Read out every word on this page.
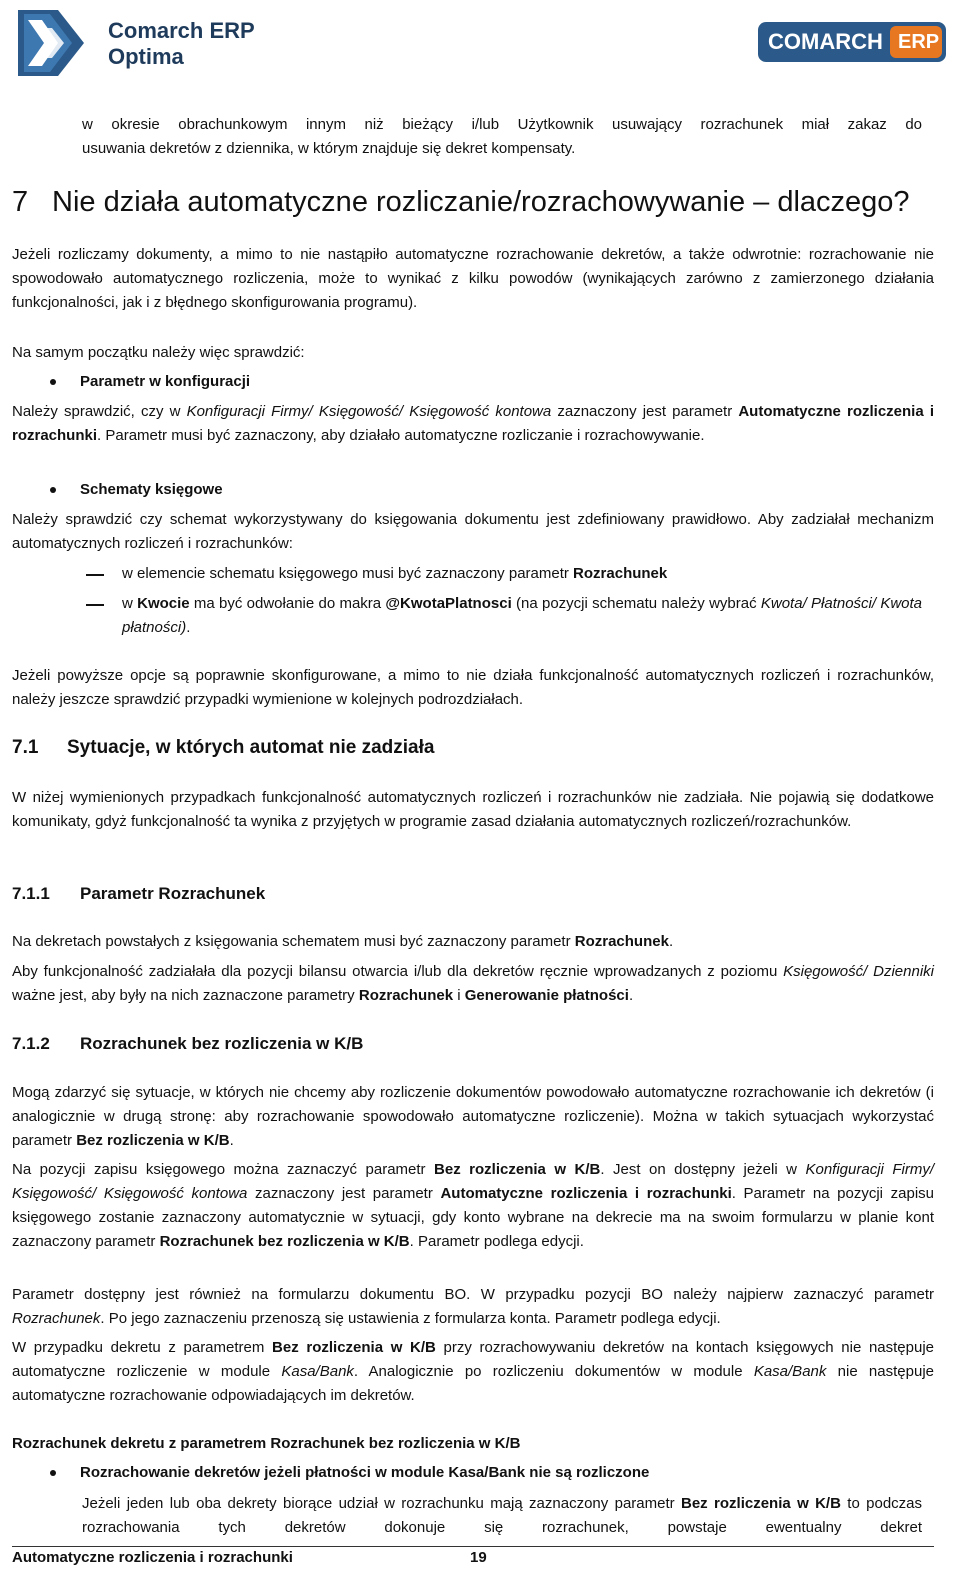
Comarch ERP
Optima
COMARCH ERP
w okresie obrachunkowym innym niż bieżący i/lub Użytkownik usuwający rozrachunek miał zakaz do
usuwania dekretów z dziennika, w którym znajduje się dekret kompensaty.
7 Nie działa automatyczne rozliczanie/rozrachowywanie – dlaczego?

Jeżeli rozliczamy dokumenty, a mimo to nie nastąpiło automatyczne rozrachowanie dekretów, a także odwrotnie: rozrachowanie nie spowodowało automatycznego rozliczenia, może to wynikać z kilku powodów (wynikających zarówno z zamierzonego działania funkcjonalności, jak i z błędnego skonfigurowania programu).

Na samym początku należy więc sprawdzić:

Parametr w konfiguracji

Należy sprawdzić, czy w Konfiguracji Firmy/ Księgowość/ Księgowość kontowa zaznaczony jest parametr Automatyczne rozliczenia i rozrachunki. Parametr musi być zaznaczony, aby działało automatyczne rozliczanie i rozrachowywanie.

Schematy księgowe

Należy sprawdzić czy schemat wykorzystywany do księgowania dokumentu jest zdefiniowany prawidłowo. Aby zadziałał mechanizm automatycznych rozliczeń i rozrachunków:

w elemencie schematu księgowego musi być zaznaczony parametr Rozrachunek
w Kwocie ma być odwołanie do makra @KwotaPlatnosci (na pozycji schematu należy wybrać Kwota/ Płatności/ Kwota płatności).

Jeżeli powyższe opcje są poprawnie skonfigurowane, a mimo to nie działa funkcjonalność automatycznych rozliczeń i rozrachunków, należy jeszcze sprawdzić przypadki wymienione w kolejnych podrozdziałach.

7.1 Sytuacje, w których automat nie zadziała

W niżej wymienionych przypadkach funkcjonalność automatycznych rozliczeń i rozrachunków nie zadziała. Nie pojawią się dodatkowe komunikaty, gdyż funkcjonalność ta wynika z przyjętych w programie zasad działania automatycznych rozliczeń/rozrachunków.

7.1.1 Parametr Rozrachunek

Na dekretach powstałych z księgowania schematem musi być zaznaczony parametr Rozrachunek.

Aby funkcjonalność zadziałała dla pozycji bilansu otwarcia i/lub dla dekretów ręcznie wprowadzanych z poziomu Księgowość/ Dzienniki ważne jest, aby były na nich zaznaczone parametry Rozrachunek i Generowanie płatności.

7.1.2 Rozrachunek bez rozliczenia w K/B

Mogą zdarzyć się sytuacje, w których nie chcemy aby rozliczenie dokumentów powodowało automatyczne rozrachowanie ich dekretów (i analogicznie w drugą stronę: aby rozrachowanie spowodowało automatyczne rozliczenie). Można w takich sytuacjach wykorzystać parametr Bez rozliczenia w K/B.

Na pozycji zapisu księgowego można zaznaczyć parametr Bez rozliczenia w K/B. Jest on dostępny jeżeli w Konfiguracji Firmy/ Księgowość/ Księgowość kontowa zaznaczony jest parametr Automatyczne rozliczenia i rozrachunki. Parametr na pozycji zapisu księgowego zostanie zaznaczony automatycznie w sytuacji, gdy konto wybrane na dekrecie ma na swoim formularzu w planie kont zaznaczony parametr Rozrachunek bez rozliczenia w K/B. Parametr podlega edycji.

Parametr dostępny jest również na formularzu dokumentu BO. W przypadku pozycji BO należy najpierw zaznaczyć parametr Rozrachunek. Po jego zaznaczeniu przenoszą się ustawienia z formularza konta. Parametr podlega edycji.

W przypadku dekretu z parametrem Bez rozliczenia w K/B przy rozrachowywaniu dekretów na kontach księgowych nie następuje automatyczne rozliczenie w module Kasa/Bank. Analogicznie po rozliczeniu dokumentów w module Kasa/Bank nie następuje automatyczne rozrachowanie odpowiadających im dekretów.

Rozrachunek dekretu z parametrem Rozrachunek bez rozliczenia w K/B
Rozrachowanie dekretów jeżeli płatności w module Kasa/Bank nie są rozliczone
Jeżeli jeden lub oba dekrety biorące udział w rozrachunku mają zaznaczony parametr Bez rozliczenia w K/B to podczas rozrachowania tych dekretów dokonuje się rozrachunek, powstaje ewentualny dekret
Automatyczne rozliczenia i rozrachunki	19
